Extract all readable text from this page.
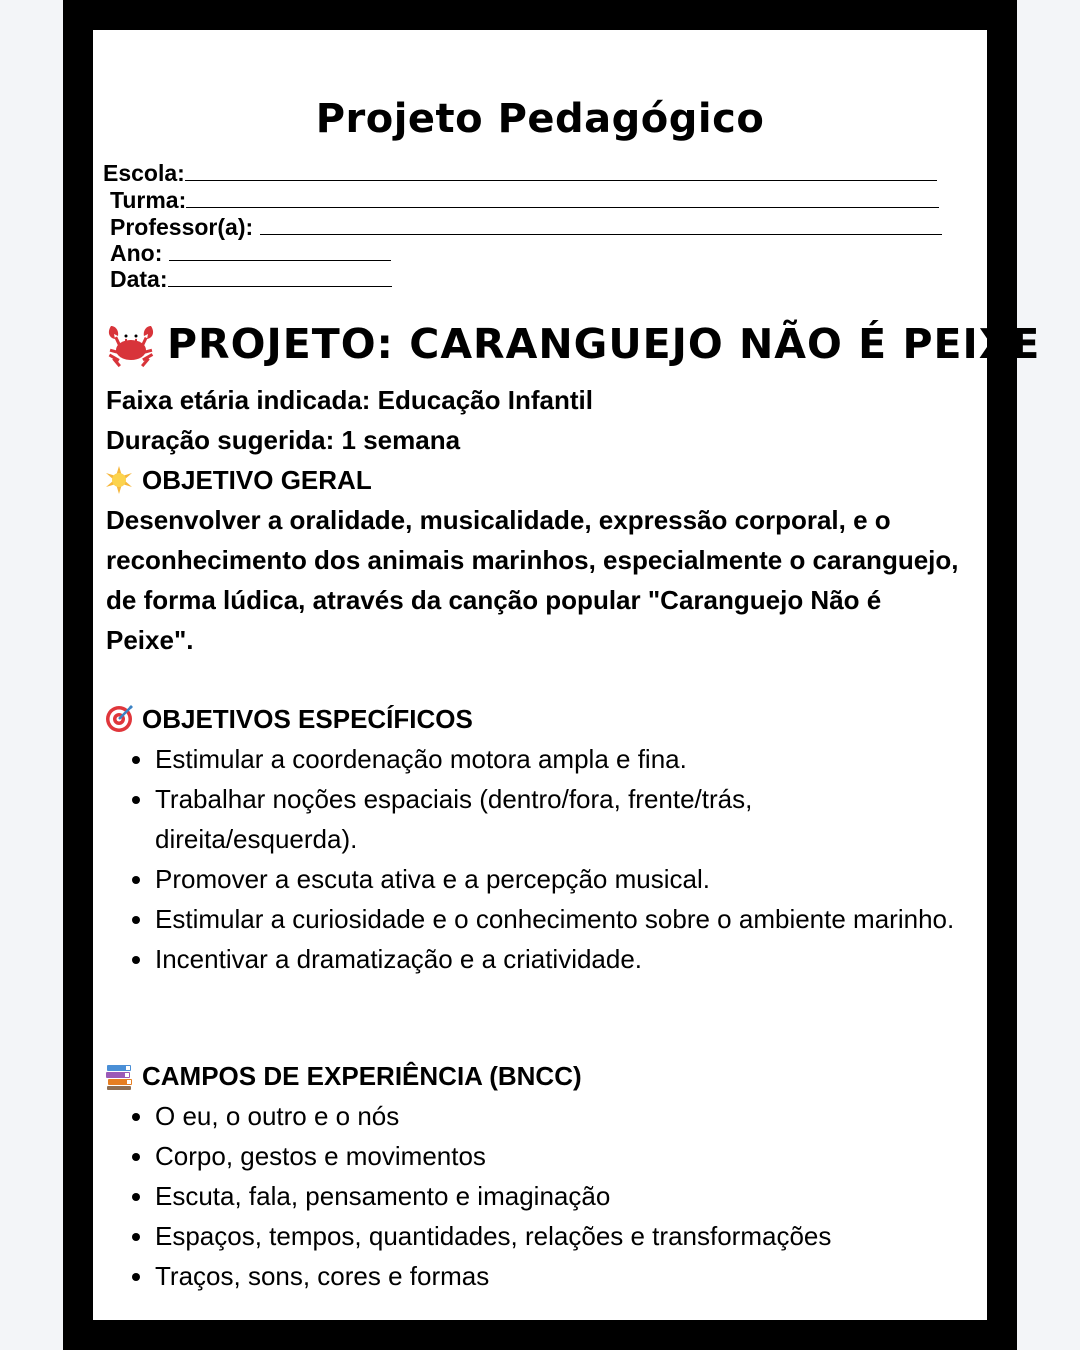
Projeto Pedagógico
Escola:
Turma:
Professor(a):
Ano:
Data:
PROJETO: CARANGUEJO NÃO É PEIXE
Faixa etária indicada: Educação Infantil
Duração sugerida: 1 semana
OBJETIVO GERAL

Desenvolver a oralidade, musicalidade, expressão corporal, e o reconhecimento dos animais marinhos, especialmente o caranguejo, de forma lúdica, através da canção popular "Caranguejo Não é Peixe".

OBJETIVOS ESPECÍFICOS
Estimular a coordenação motora ampla e fina.
Trabalhar noções espaciais (dentro/fora, frente/trás, direita/esquerda).
Promover a escuta ativa e a percepção musical.
Estimular a curiosidade e o conhecimento sobre o ambiente marinho.
Incentivar a dramatização e a criatividade.
CAMPOS DE EXPERIÊNCIA (BNCC)
O eu, o outro e o nós
Corpo, gestos e movimentos
Escuta, fala, pensamento e imaginação
Espaços, tempos, quantidades, relações e transformações
Traços, sons, cores e formas
